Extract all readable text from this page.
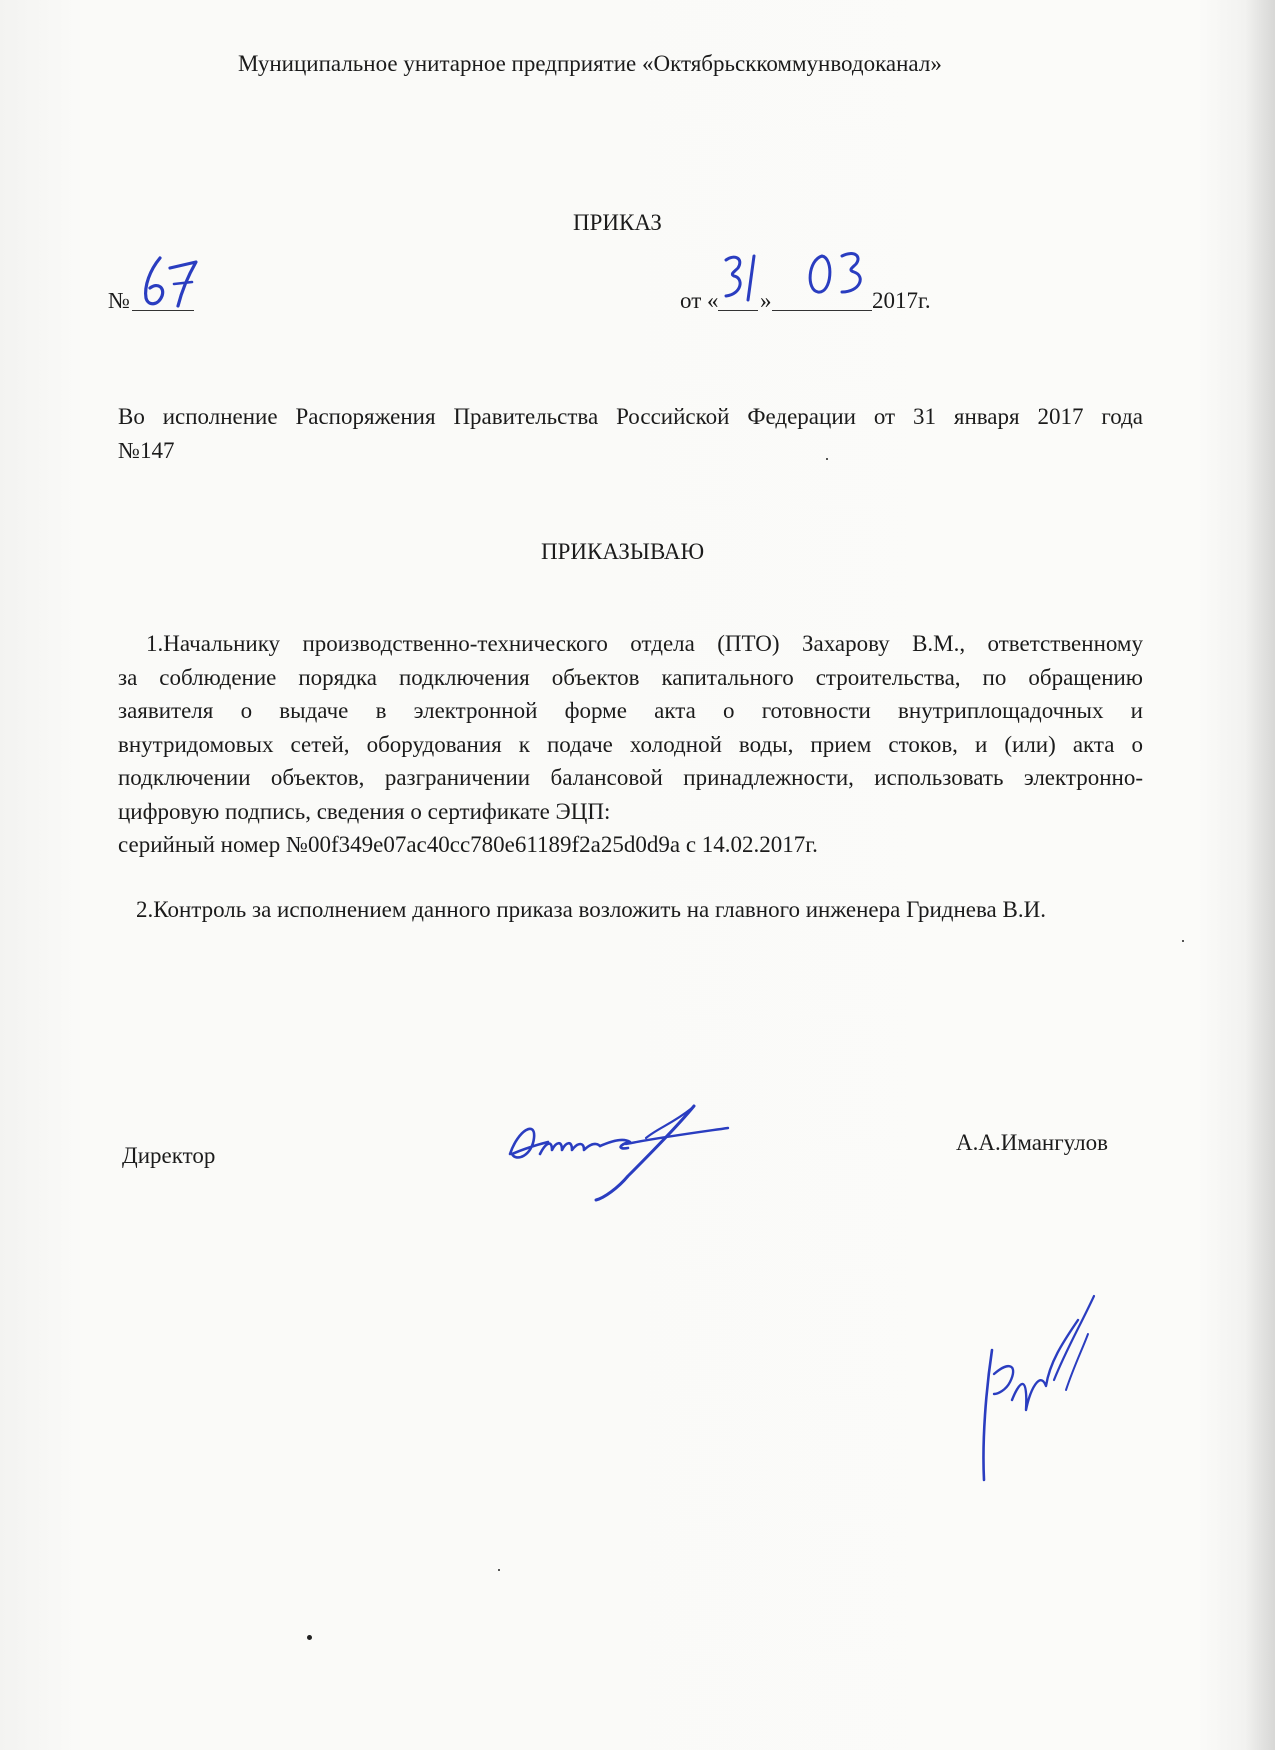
Муниципальное унитарное предприятие «Октябрьсккоммунводоканал»
ПРИКАЗ
№	от « »	2017г.
Во исполнение Распоряжения Правительства Российской Федерации от 31 января 2017 года
№147
ПРИКАЗЫВАЮ
1.Начальнику производственно-технического отдела (ПТО) Захарову В.М., ответственному
за соблюдение порядка подключения объектов капитального строительства, по обращению
заявителя о выдаче в электронной форме акта о готовности внутриплощадочных и
внутридомовых сетей, оборудования к подаче холодной воды, прием стоков, и (или) акта о
подключении объектов, разграничении балансовой принадлежности, использовать электронно-
цифровую подпись, сведения о сертификате ЭЦП:
серийный номер №00f349e07ac40cc780e61189f2a25d0d9a с 14.02.2017г.
2.Контроль за исполнением данного приказа возложить на главного инженера Гриднева В.И.
Директор
А.А.Имангулов
